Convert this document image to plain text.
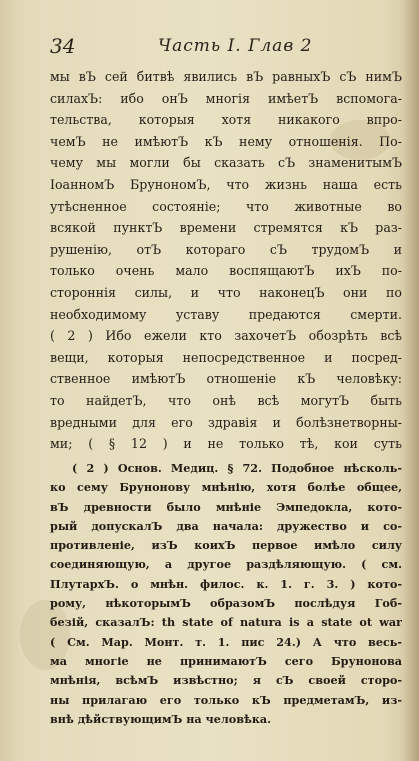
34	Часть I. Глав 2
мы вЪ сей битвѣ явились вЪ равныхЪ сЪ нимЪ
силахЪ: ибо онЪ многія имѣетЪ вспомога-
тельства, которыя хотя никакого впро-
чемЪ не имѣютЪ кЪ нему отношенія. По-
чему мы могли бы сказать сЪ знаменитымЪ
ІоанномЪ БрунономЪ, что жизнь наша есть
утѣсненное состояніе; что животные во
всякой пунктЪ времени стремятся кЪ раз-
рушенію, отЪ котораго сЪ трудомЪ и
только очень мало воспящаютЪ ихЪ по-
стороннія силы, и что наконецЪ они по
необходимому уставу предаются смерти.
( 2 ) Ибо ежели кто захочетЪ обозрѣть всѣ
вещи, которыя непосредственное и посред-
ственное имѣютЪ отношеніе кЪ человѣку:
то найдетЪ, что онѣ всѣ могутЪ быть
вредными для его здравія и болѣзнетворны-
ми; ( § 12 ) и не только тѣ, кои суть
( 2 ) Основ. Медиц. § 72. Подобное нѣсколь-
ко сему Брунонову мнѣнію, хотя болѣе общее,
вЪ древности было мнѣніе Эмпедокла, кото-
рый допускалЪ два начала: дружество и со-
противленіе, изЪ коихЪ первое имѣло силу
соединяющую, а другое раздѣляющую. ( см.
ПлутархЪ. о мнѣн. филос. к. 1. г. 3. ) кото-
рому, нѣкоторымЪ образомЪ послѣдуя Гоб-
безій, сказалЪ: th state of natura is a state ot war
( См. Мар. Монт. т. 1. пис 24.) А что весь-
ма многіе не принимаютЪ сего Брунонова
мнѣнія, всѣмЪ извѣстно; я сЪ своей сторо-
ны прилагаю его только кЪ предметамЪ, из-
внѣ дѣйствующимЪ на человѣка.
